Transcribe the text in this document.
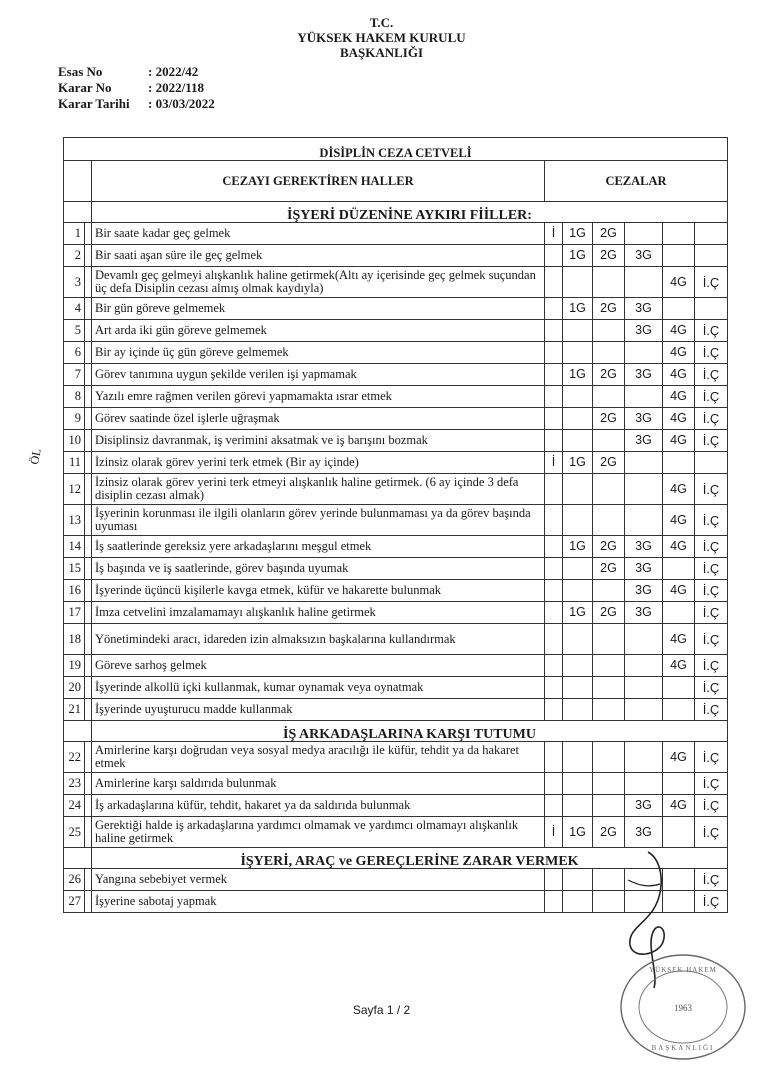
T.C.
YÜKSEK HAKEM KURULU
BAŞKANLIĞI
Esas No	: 2022/42
Karar No	: 2022/118
Karar Tarihi	: 03/03/2022
ÖL
DİSİPLİN CEZA CETVELİ								
		CEZAYI GEREKTİREN HALLER	CEZALAR					
		İŞYERİ DÜZENİNE AYKIRI FİİLLER:						
1		Bir saate kadar geç gelmek	İ	1G	2G			
2		Bir saati aşan süre ile geç gelmek		1G	2G	3G		
3		Devamlı geç gelmeyi alışkanlık haline getirmek(Altı ay içerisinde geç gelmek suçundan üç defa Disiplin cezası almış olmak kaydıyla)					4G	İ.Ç
4		Bir gün göreve gelmemek		1G	2G	3G		
5		Art arda iki gün göreve gelmemek				3G	4G	İ.Ç
6		Bir ay içinde üç gün göreve gelmemek					4G	İ.Ç
7		Görev tanımına uygun şekilde verilen işi yapmamak		1G	2G	3G	4G	İ.Ç
8		Yazılı emre rağmen verilen görevi yapmamakta ısrar etmek					4G	İ.Ç
9		Görev saatinde özel işlerle uğraşmak			2G	3G	4G	İ.Ç
10		Disiplinsiz davranmak, iş verimini aksatmak ve iş barışını bozmak				3G	4G	İ.Ç
11		İzinsiz olarak görev yerini terk etmek (Bir ay içinde)	İ	1G	2G			
12		İzinsiz olarak görev yerini terk etmeyi alışkanlık haline getirmek. (6 ay içinde 3 defa disiplin cezası almak)					4G	İ.Ç
13		İşyerinin korunması ile ilgili olanların görev yerinde bulunmaması ya da görev başında uyuması					4G	İ.Ç
14		İş saatlerinde gereksiz yere arkadaşlarını meşgul etmek		1G	2G	3G	4G	İ.Ç
15		İş başında ve iş saatlerinde, görev başında uyumak			2G	3G		İ.Ç
16		İşyerinde üçüncü kişilerle kavga etmek, küfür ve hakarette bulunmak				3G	4G	İ.Ç
17		İmza cetvelini imzalamamayı alışkanlık haline getirmek		1G	2G	3G		İ.Ç
18		Yönetimindeki aracı, idareden izin almaksızın başkalarına kullandırmak					4G	İ.Ç
19		Göreve sarhoş gelmek					4G	İ.Ç
20		İşyerinde alkollü içki kullanmak, kumar oynamak veya oynatmak						İ.Ç
21		İşyerinde uyuşturucu madde kullanmak						İ.Ç
		İŞ ARKADAŞLARINA KARŞI TUTUMU						
22		Amirlerine karşı doğrudan veya sosyal medya aracılığı ile küfür, tehdit ya da hakaret etmek					4G	İ.Ç
23		Amirlerine karşı saldırıda bulunmak						İ.Ç
24		İş arkadaşlarına küfür, tehdit, hakaret ya da saldırıda bulunmak				3G	4G	İ.Ç
25		Gerektiği halde iş arkadaşlarına yardımcı olmamak ve yardımcı olmamayı alışkanlık haline getirmek	İ	1G	2G	3G		İ.Ç
		İŞYERİ, ARAÇ ve GEREÇLERİNE ZARAR VERMEK						
26		Yangına sebebiyet vermek						İ.Ç
27		İşyerine sabotaj yapmak						İ.Ç
Sayfa 1 / 2	1963
BAŞKANLIĞI
YÜKSEK HAKEM
